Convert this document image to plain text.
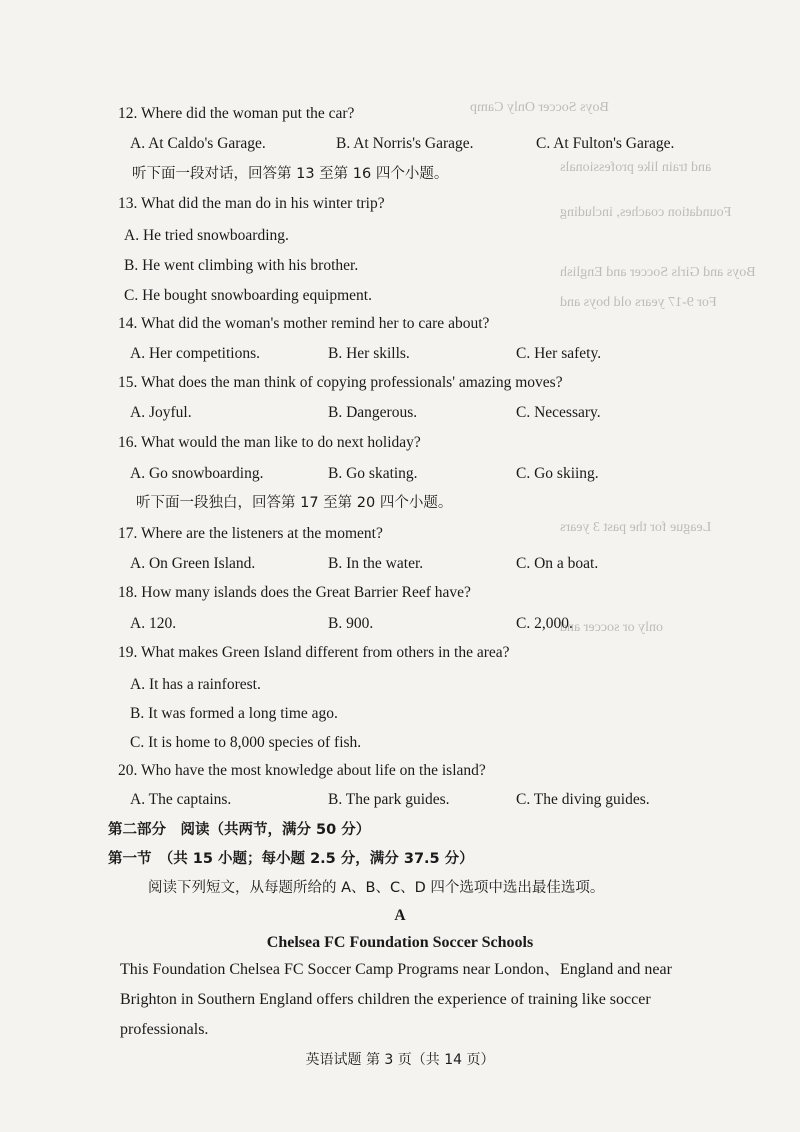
Boys Soccer Only Camp
and train like professionals
Foundation coaches, including
Boys and Girls Soccer and English
For 9-17 years old boys and
League for the past 3 years
only or soccer and
12. Where did the woman put the car?
A. At Caldo's Garage.	B. At Norris's Garage.	C. At Fulton's Garage.
听下面一段对话，回答第 13 至第 16 四个小题。
13. What did the man do in his winter trip?
A. He tried snowboarding.
B. He went climbing with his brother.
C. He bought snowboarding equipment.
14. What did the woman's mother remind her to care about?
A. Her competitions.	B. Her skills.	C. Her safety.
15. What does the man think of copying professionals' amazing moves?
A. Joyful.	B. Dangerous.	C. Necessary.
16. What would the man like to do next holiday?
A. Go snowboarding.	B. Go skating.	C. Go skiing.
听下面一段独白，回答第 17 至第 20 四个小题。
17. Where are the listeners at the moment?
A. On Green Island.	B. In the water.	C. On a boat.
18. How many islands does the Great Barrier Reef have?
A. 120.	B. 900.	C. 2,000.
19. What makes Green Island different from others in the area?
A. It has a rainforest.
B. It was formed a long time ago.
C. It is home to 8,000 species of fish.
20. Who have the most knowledge about life on the island?
A. The captains.	B. The park guides.	C. The diving guides.
第二部分　阅读（共两节，满分 50 分）
第一节　（共 15 小题；每小题 2.5 分，满分 37.5 分）
阅读下列短文，从每题所给的 A、B、C、D 四个选项中选出最佳选项。
A
Chelsea FC Foundation Soccer Schools
This Foundation Chelsea FC Soccer Camp Programs near London、England and near Brighton in Southern England offers children the experience of training like soccer professionals.
英语试题 第 3 页（共 14 页）
